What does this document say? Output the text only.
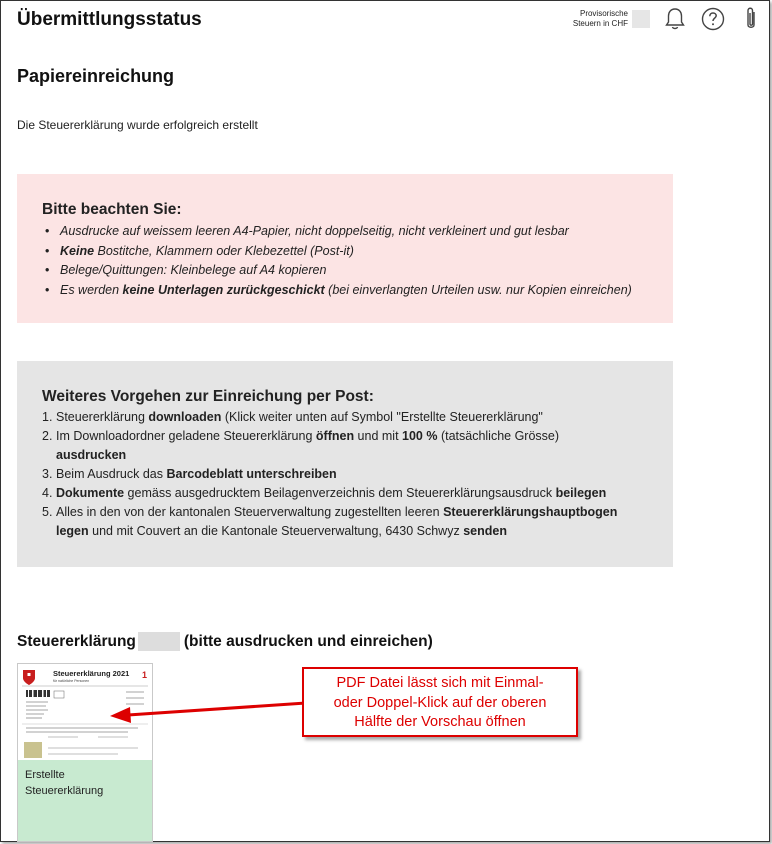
Übermittlungsstatus	Provisorische
Steuern in CHF
Papiereinreichung
Die Steuererklärung wurde erfolgreich erstellt
Bitte beachten Sie:
• Ausdrucke auf weissem leeren A4-Papier, nicht doppelseitig, nicht verkleinert und gut lesbar
• Keine Bostitche, Klammern oder Klebezettel (Post-it)
• Belege/Quittungen: Kleinbelege auf A4 kopieren
• Es werden keine Unterlagen zurückgeschickt (bei einverlangten Urteilen usw. nur Kopien einreichen)
Weiteres Vorgehen zur Einreichung per Post:
1. Steuererklärung downloaden (Klick weiter unten auf Symbol "Erstellte Steuererklärung"
2. Im Downloadordner geladene Steuererklärung öffnen und mit 100 % (tatsächliche Grösse)
ausdrucken
3. Beim Ausdruck das Barcodeblatt unterschreiben
4. Dokumente gemäss ausgedrucktem Beilagenverzeichnis dem Steuererklärungsausdruck beilegen
5. Alles in den von der kantonalen Steuerverwaltung zugestellten leeren Steuererklärungshauptbogen
legen und mit Couvert an die Kantonale Steuerverwaltung, 6430 Schwyz senden
Steuererklärung	(bitte ausdrucken und einreichen)
Steuererklärung 2021
für natürliche Personen
1
Erstellte
Steuererklärung
PDF Datei lässt sich mit Einmal-
oder Doppel-Klick auf der oberen
Hälfte der Vorschau öffnen
